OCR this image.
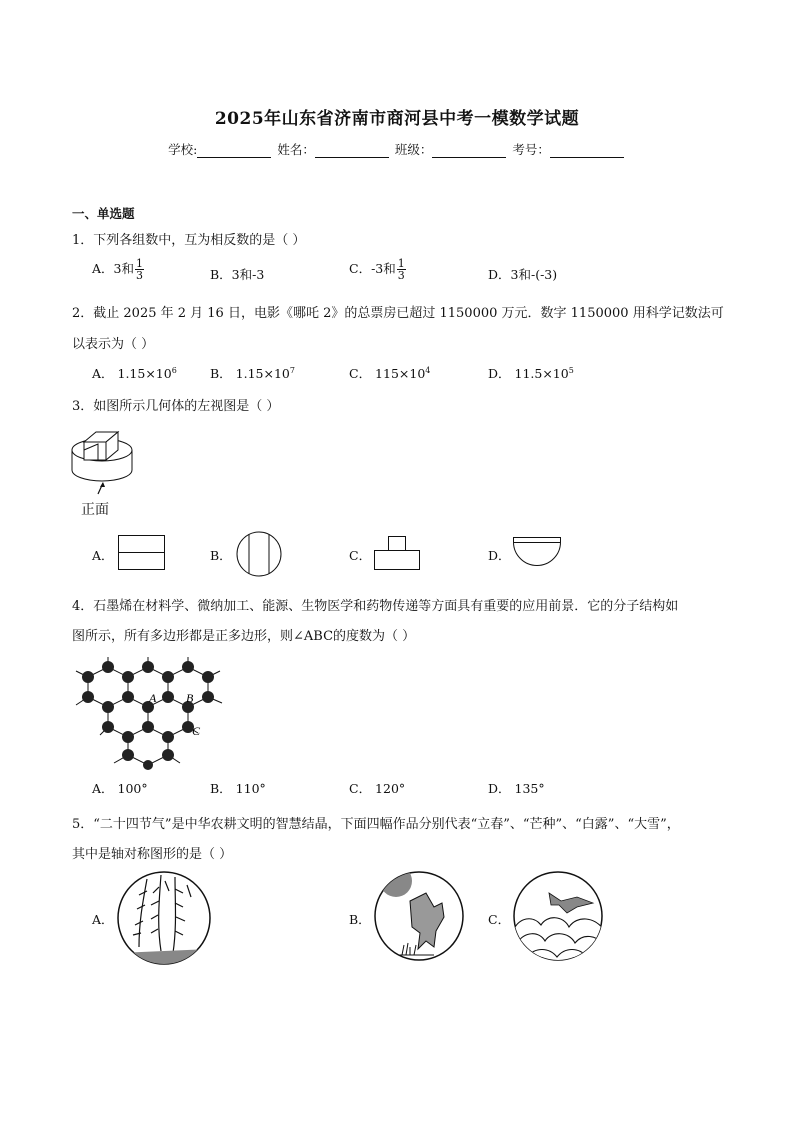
2025年山东省济南市商河县中考一模数学试题
学校:	姓名：	班级：	考号：
一、单选题
1．下列各组数中，互为相反数的是（ ）
A．3和 $\frac{1}{3}$	B．3和-3	C．-3和 $\frac{1}{3}$	D．3和-(-3)
2．截止 2025 年 2 月 16 日，电影《哪吒 2》的总票房已超过 1150000 万元．数字 1150000 用科学记数法可
以表示为（ ）
A． $1.15\times 10^6$	B． $1.15\times 10^7$	C． $115\times 10^4$	D． $11.5\times 10^5$
3．如图所示几何体的左视图是（ ）
正面
A．	B．	C．	D．
4．石墨烯在材料学、微纳加工、能源、生物医学和药物传递等方面具有重要的应用前景．它的分子结构如
图所示，所有多边形都是正多边形，则∠ABC的度数为（ ）
A B
C
A． 100°	B． 110°	C． 120°	D． 135°
5．“二十四节气”是中华农耕文明的智慧结晶，下面四幅作品分别代表“立春”、“芒种”、“白露”、“大雪”，
其中是轴对称图形的是（ ）
A．	B．	C．
